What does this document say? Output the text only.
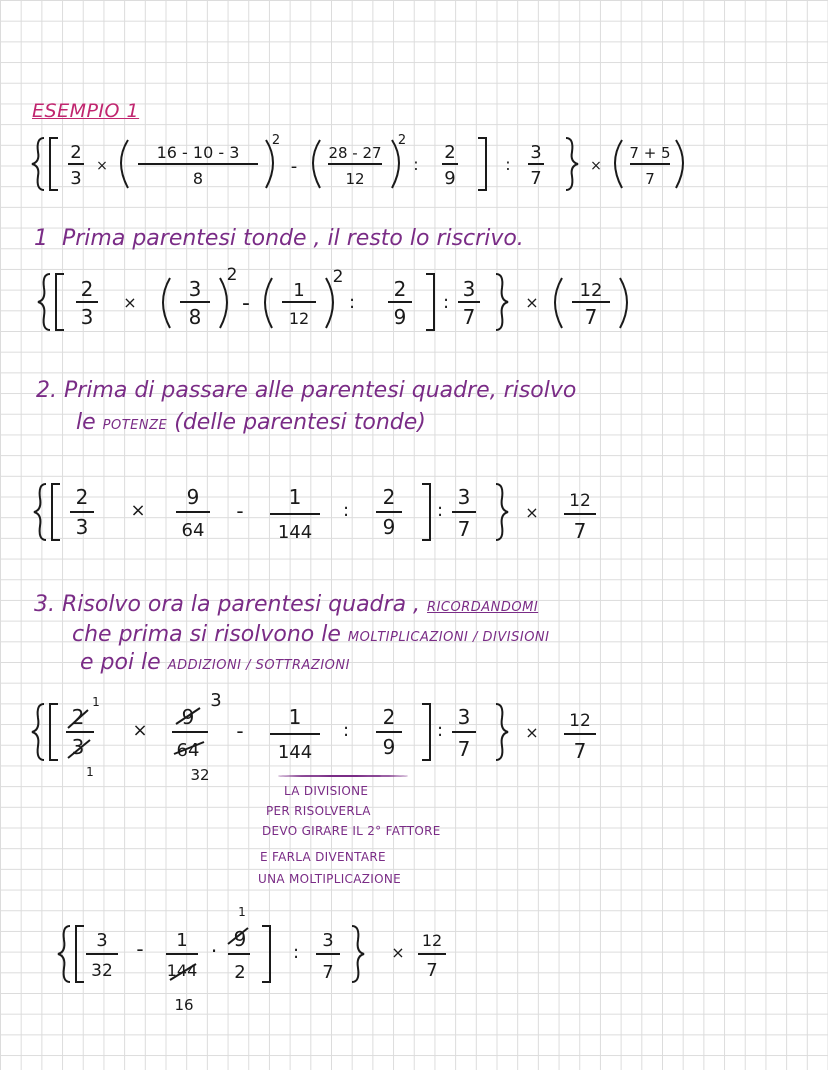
ESEMPIO 1
2
3
×
16 - 10 - 3
8
2
-
28 - 27
12
2
:
2
9
:
3
7
×
7 + 5
7
1 Prima parentesi tonde , il resto lo riscrivo.
2
3
×
3
8
2
-
1
12
2
:
2
9
:
3
7
×
12
7
2. Prima di passare alle parentesi quadre, risolvo
le POTENZE (delle parentesi tonde)
2
3
×
9
64
-
1
144
:
2
9
:
3
7
×
12
7
3. Risolvo ora la parentesi quadra , RICORDANDOMI
che prima si risolvono le MOLTIPLICAZIONI / DIVISIONI
e poi le ADDIZIONI / SOTTRAZIONI
2
3
1
1
×
9
64
3
32
-
1
144
:
2
9
:
3
7
×
12
7
LA DIVISIONE
PER RISOLVERLA
DEVO GIRARE IL 2° FATTORE
E FARLA DIVENTARE
UNA MOLTIPLICAZIONE
3
32
- 1
144
16
· 9
1
2
:
3
7
×
12
7
